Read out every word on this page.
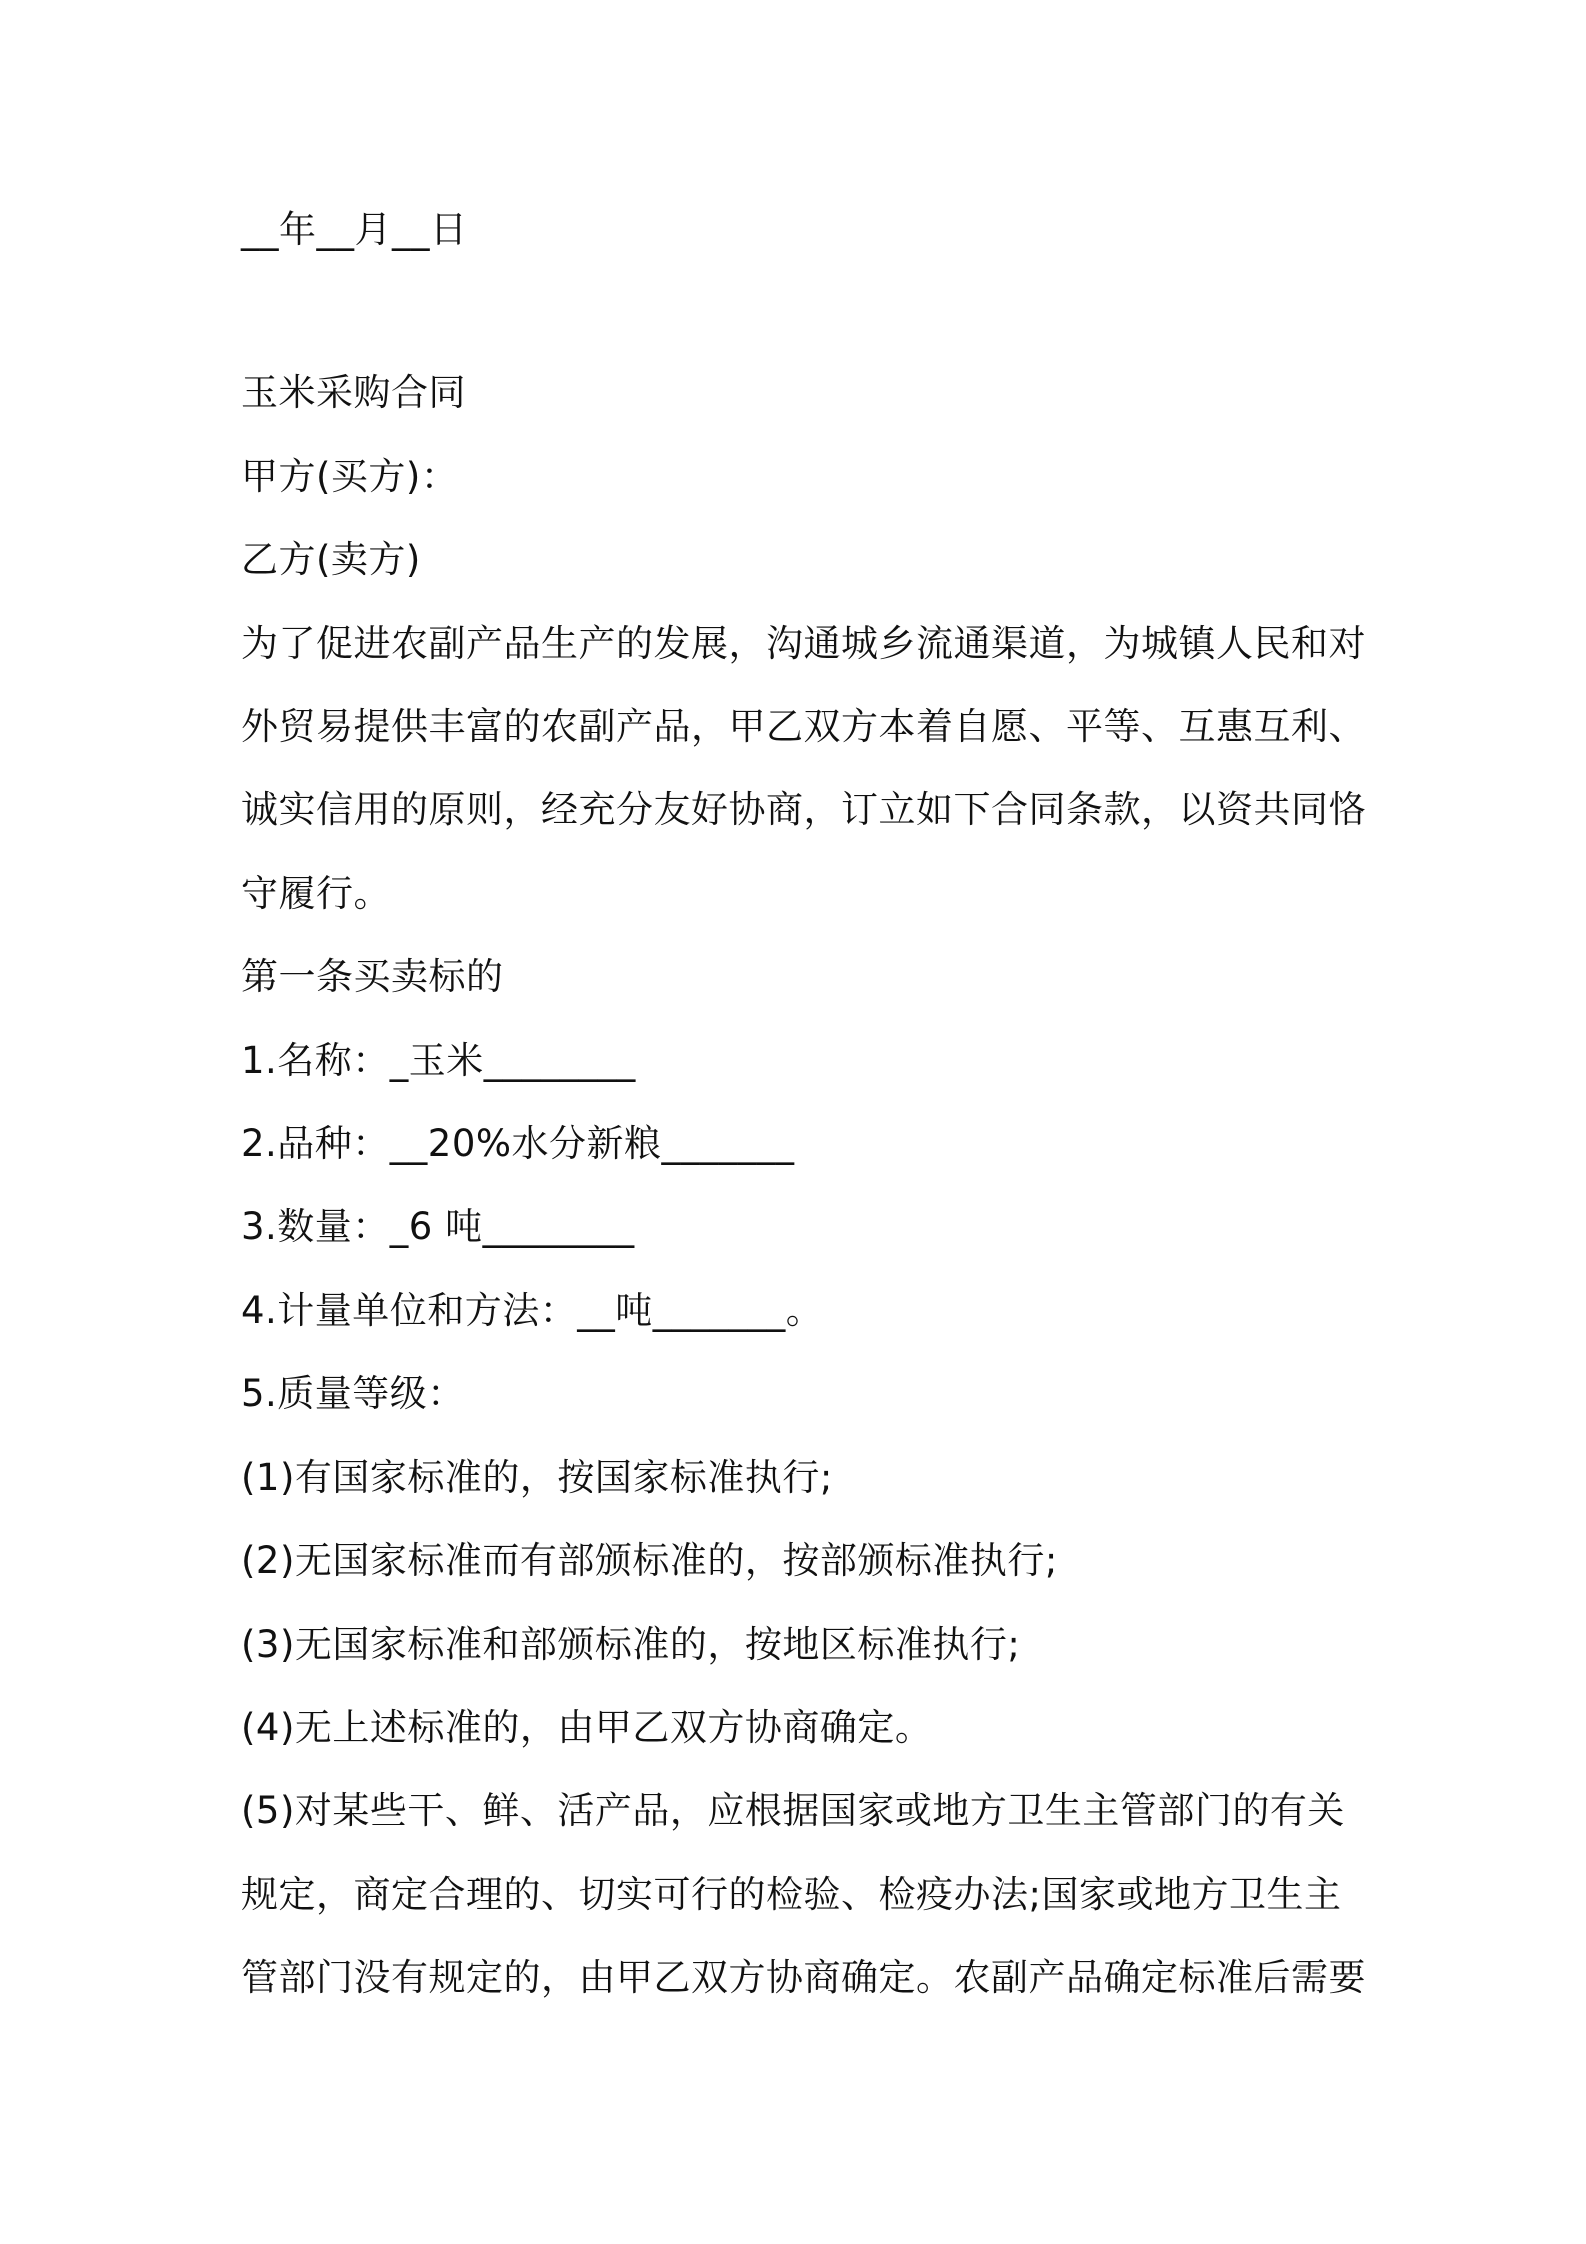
__年__月__日
玉米采购合同
甲方(买方)：
乙方(卖方)
为了促进农副产品生产的发展，沟通城乡流通渠道，为城镇人民和对
外贸易提供丰富的农副产品，甲乙双方本着自愿、平等、互惠互利、
诚实信用的原则，经充分友好协商，订立如下合同条款，以资共同恪
守履行。
第一条买卖标的
1.名称：_玉米________
2.品种：__20%水分新粮_______
3.数量：_6 吨________
4.计量单位和方法：__吨_______。
5.质量等级：
(1)有国家标准的，按国家标准执行;
(2)无国家标准而有部颁标准的，按部颁标准执行;
(3)无国家标准和部颁标准的，按地区标准执行;
(4)无上述标准的，由甲乙双方协商确定。
(5)对某些干、鲜、活产品，应根据国家或地方卫生主管部门的有关
规定，商定合理的、切实可行的检验、检疫办法;国家或地方卫生主
管部门没有规定的，由甲乙双方协商确定。农副产品确定标准后需要
